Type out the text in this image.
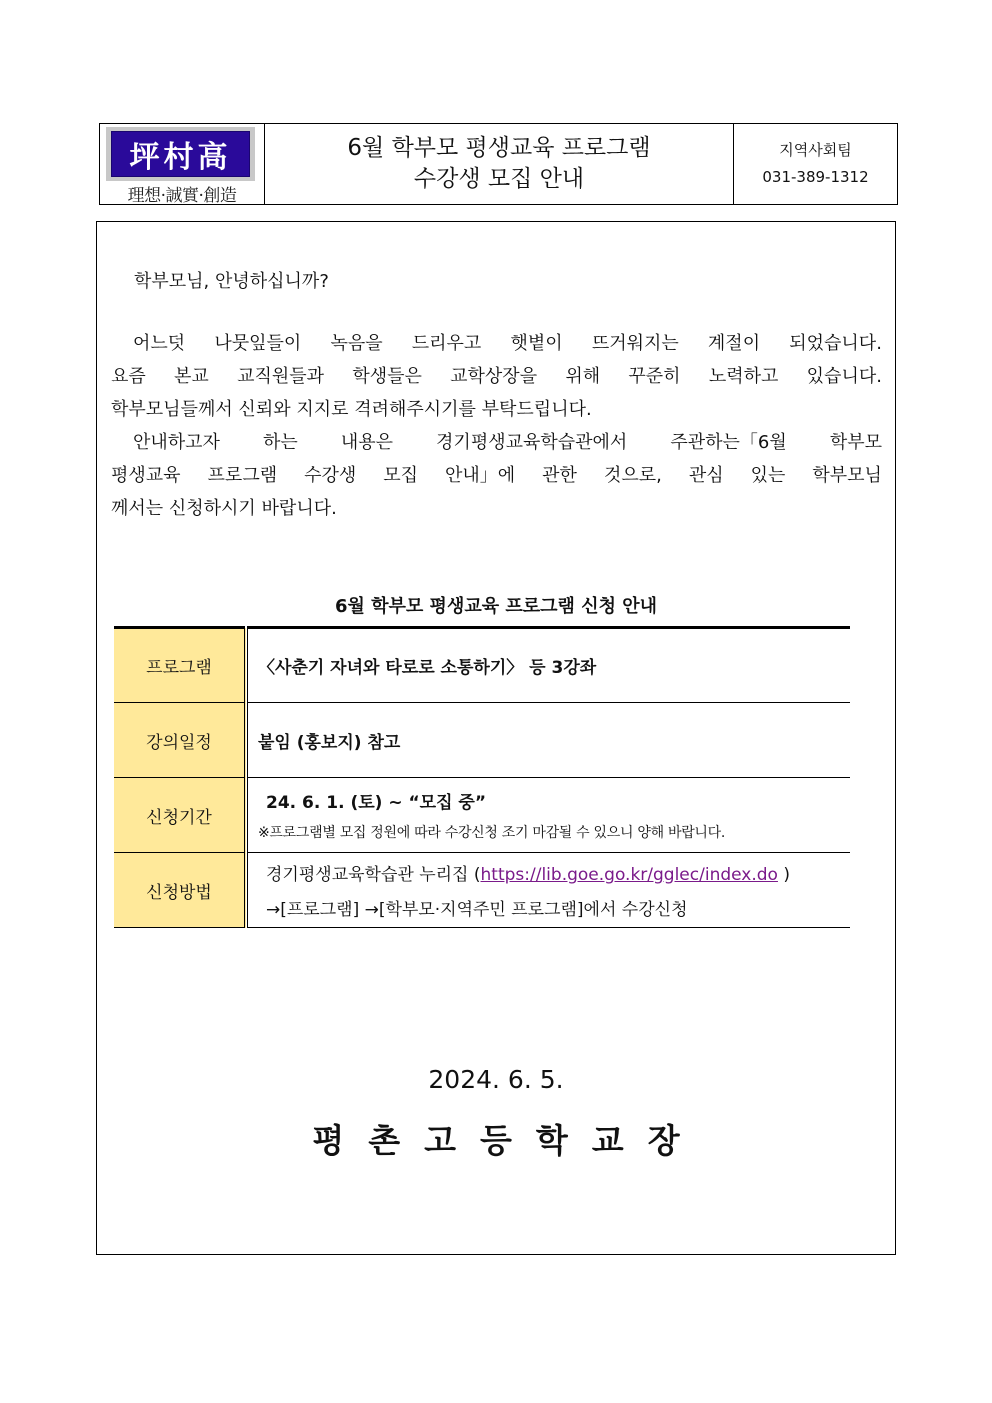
坪村高
理想·誠實·創造
6월 학부모 평생교육 프로그램
수강생 모집 안내
지역사회팀
031-389-1312
학부모님, 안녕하십니까?
어느덧 나뭇잎들이 녹음을 드리우고 햇볕이 뜨거워지는 계절이 되었습니다.
요즘 본교 교직원들과 학생들은 교학상장을 위해 꾸준히 노력하고 있습니다.
학부모님들께서 신뢰와 지지로 격려해주시기를 부탁드립니다.
안내하고자 하는 내용은 경기평생교육학습관에서 주관하는「6월 학부모
평생교육 프로그램 수강생 모집 안내」에 관한 것으로, 관심 있는 학부모님
께서는 신청하시기 바랍니다.
6월 학부모 평생교육 프로그램 신청 안내
프로그램	〈사춘기 자녀와 타로로 소통하기〉 등 3강좌
강의일정	붙임 (홍보지) 참고
신청기간	24. 6. 1. (토) ~ “모집 중”
※프로그램별 모집 정원에 따라 수강신청 조기 마감될 수 있으니 양해 바랍니다.

신청방법	경기평생교육학습관 누리집 (https://lib.goe.go.kr/gglec/index.do )
→[프로그램] →[학부모·지역주민 프로그램]에서 수강신청
2024. 6. 5.
평촌고등학교장
